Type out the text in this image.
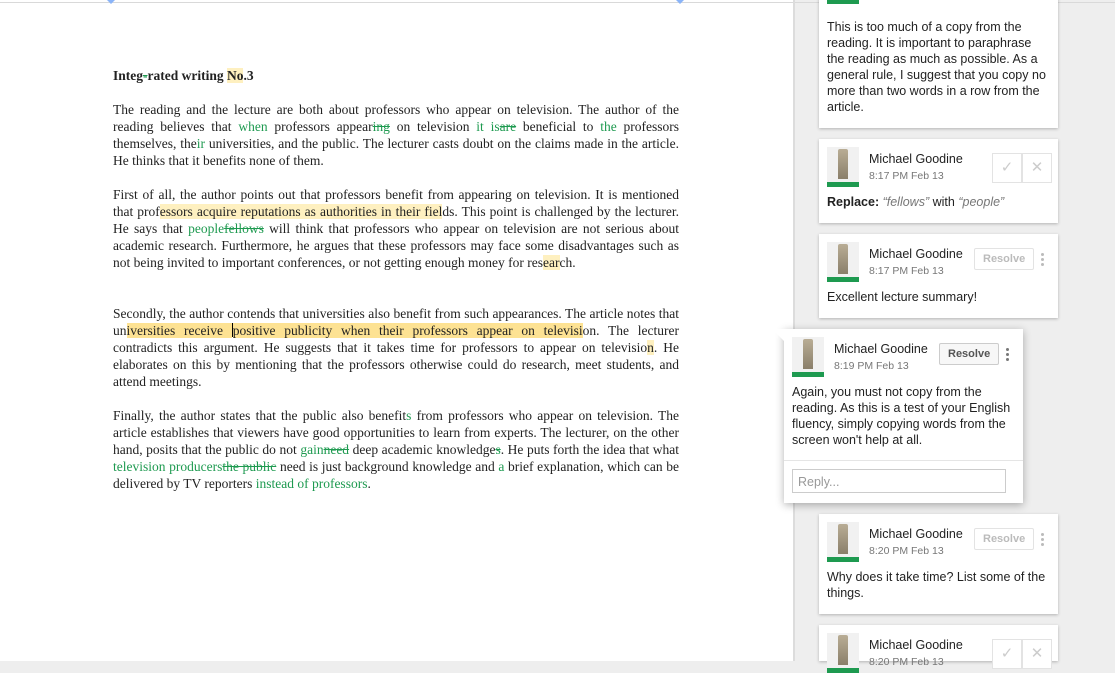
Integ-rated writing No.3
The reading and the lecture are both about professors who appear on television. The author of the reading believes that when professors appearing on television it isare beneficial to the professors themselves, their universities, and the public. The lecturer casts doubt on the claims made in the article. He thinks that it benefits none of them.
First of all, the author points out that professors benefit from appearing on television. It is mentioned that professors acquire reputations as authorities in their fields. This point is challenged by the lecturer. He says that peoplefellows will think that professors who appear on television are not serious about academic research. Furthermore, he argues that these professors may face some disadvantages such as not being invited to important conferences, or not getting enough money for research.
Secondly, the author contends that universities also benefit from such appearances. The article notes that universities receive positive publicity when their professors appear on television. The lecturer contradicts this argument. He suggests that it takes time for professors to appear on television. He elaborates on this by mentioning that the professors otherwise could do research, meet students, and attend meetings.
Finally, the author states that the public also benefits from professors who appear on television. The article establishes that viewers have good opportunities to learn from experts. The lecturer, on the other hand, posits that the public do not gainneed deep academic knowledges. He puts forth the idea that what television producersthe public need is just background knowledge and a brief explanation, which can be delivered by TV reporters instead of professors.
This is too much of a copy from the reading. It is important to paraphrase the reading as much as possible. As a general rule, I suggest that you copy no more than two words in a row from the article.
Michael Goodine
8:17 PM Feb 13	✓	✕
Replace: “fellows” with “people”
Michael Goodine
8:17 PM Feb 13
Resolve
Excellent lecture summary!
Michael Goodine
8:19 PM Feb 13
Resolve
Again, you must not copy from the reading. As this is a test of your English fluency, simply copying words from the screen won't help at all.
Reply...
Michael Goodine
8:20 PM Feb 13
Resolve
Why does it take time? List some of the things.
Michael Goodine
8:20 PM Feb 13	✓	✕
